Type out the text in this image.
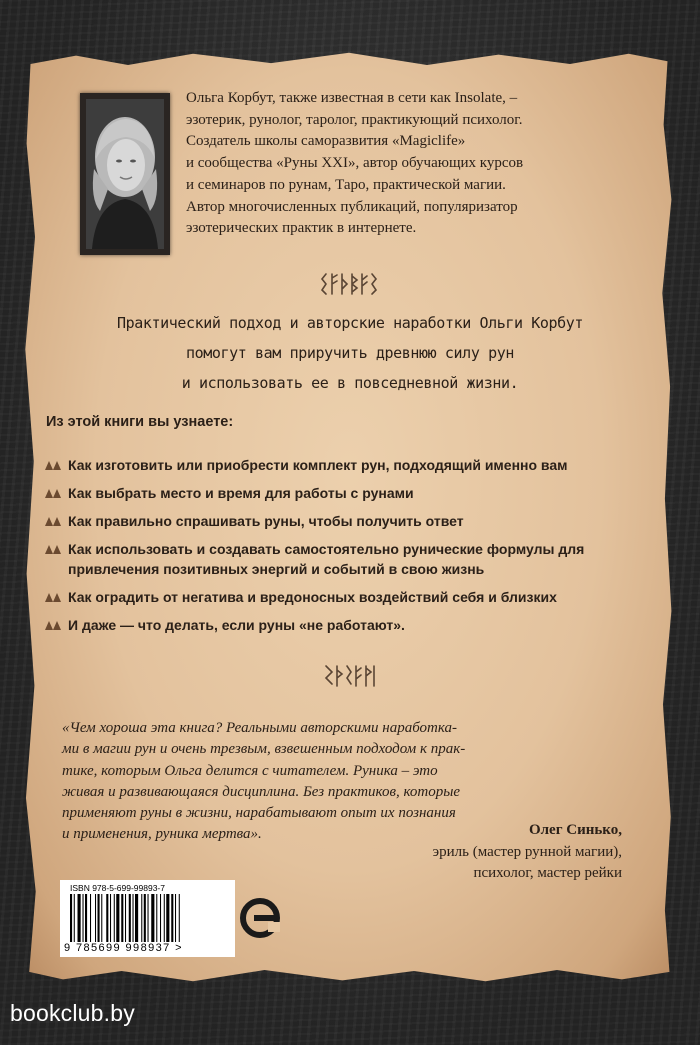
Ольга Корбут, также известная в сети как Insolate, –
эзотерик, рунолог, таролог, практикующий психолог.
Создатель школы саморазвития «Magiclife»
и сообщества «Руны XXI», автор обучающих курсов
и семинаров по рунам, Таро, практической магии.
Автор многочисленных публикаций, популяризатор
эзотерических практик в интернете.
Практический подход и авторские наработки Ольги Корбут
помогут вам приручить древнюю силу рун
и использовать ее в повседневной жизни.
Из этой книги вы узнаете:
Как изготовить или приобрести комплект рун, подходящий именно вам
Как выбрать место и время для работы с рунами
Как правильно спрашивать руны, чтобы получить ответ
Как использовать и создавать самостоятельно рунические формулы для
привлечения позитивных энергий и событий в свою жизнь
Как оградить от негатива и вредоносных воздействий себя и близких
И даже — что делать, если руны «не работают».
«Чем хороша эта книга? Реальными авторскими наработка-
ми в магии рун и очень трезвым, взвешенным подходом к прак-
тике, которым Ольга делится с читателем. Руника – это
живая и развивающаяся дисциплина. Без практиков, которые
применяют руны в жизни, нарабатывают опыт их познания
и применения, руника мертва».	Олег Синько,
эриль (мастер рунной магии),
психолог, мастер рейки
ISBN 978-5-699-99893-7
9 785699 998937 >
bookclub.by
